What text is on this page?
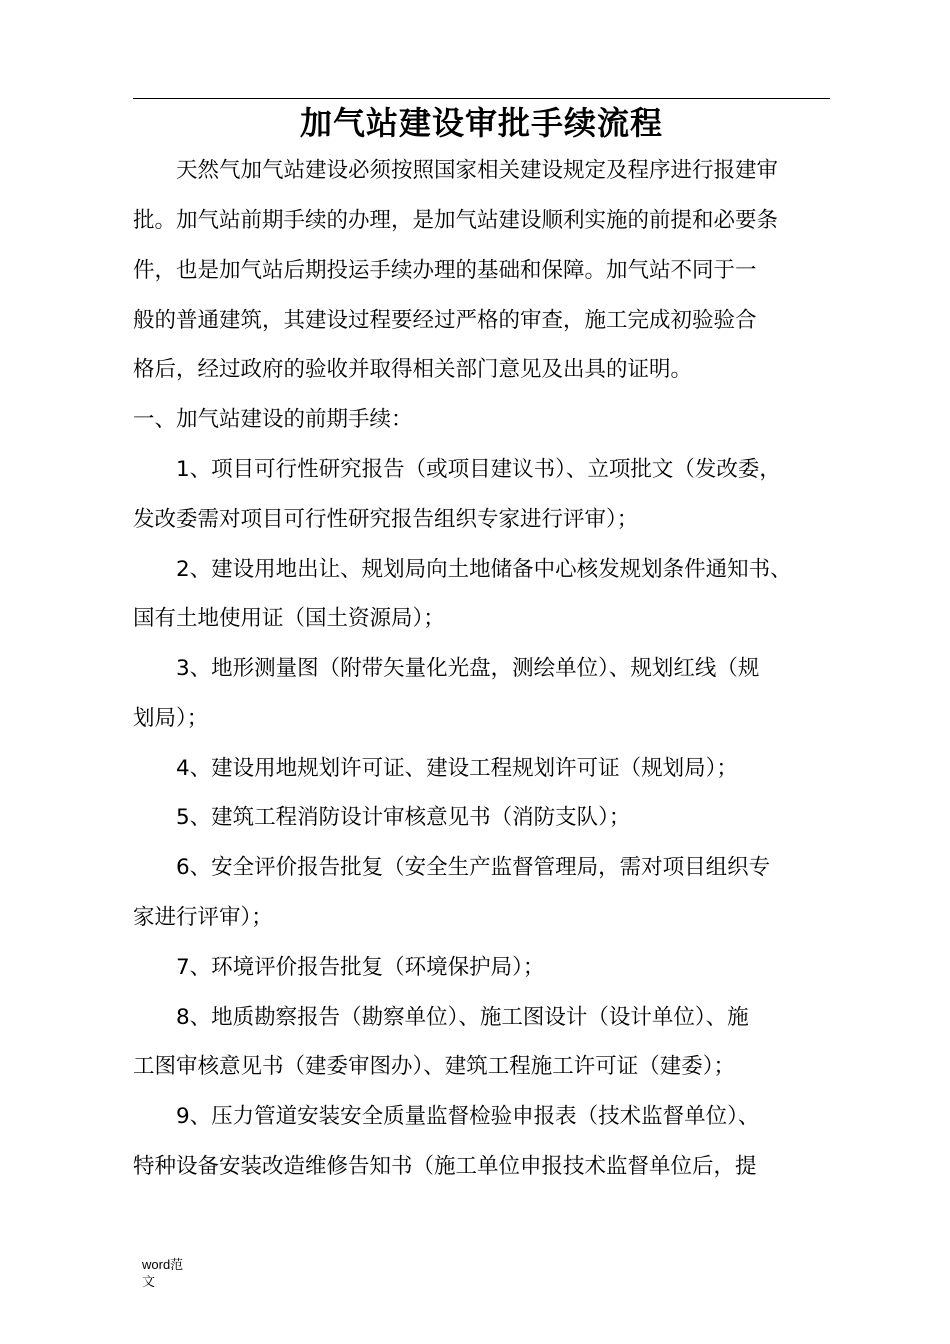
加气站建设审批手续流程
天然气加气站建设必须按照国家相关建设规定及程序进行报建审
批。加气站前期手续的办理，是加气站建设顺利实施的前提和必要条
件，也是加气站后期投运手续办理的基础和保障。加气站不同于一
般的普通建筑，其建设过程要经过严格的审查，施工完成初验验合
格后，经过政府的验收并取得相关部门意见及出具的证明。
一、加气站建设的前期手续：
1、项目可行性研究报告（或项目建议书）、立项批文（发改委，
发改委需对项目可行性研究报告组织专家进行评审）；
2、建设用地出让、规划局向土地储备中心核发规划条件通知书、
国有土地使用证（国土资源局）；
3、地形测量图（附带矢量化光盘，测绘单位）、规划红线（规
划局）；
4、建设用地规划许可证、建设工程规划许可证（规划局）；
5、建筑工程消防设计审核意见书（消防支队）；
6、安全评价报告批复（安全生产监督管理局，需对项目组织专
家进行评审）；
7、环境评价报告批复（环境保护局）；
8、地质勘察报告（勘察单位）、施工图设计（设计单位）、施
工图审核意见书（建委审图办）、建筑工程施工许可证（建委）；
9、压力管道安装安全质量监督检验申报表（技术监督单位）、
特种设备安装改造维修告知书（施工单位申报技术监督单位后，提
word范
文
